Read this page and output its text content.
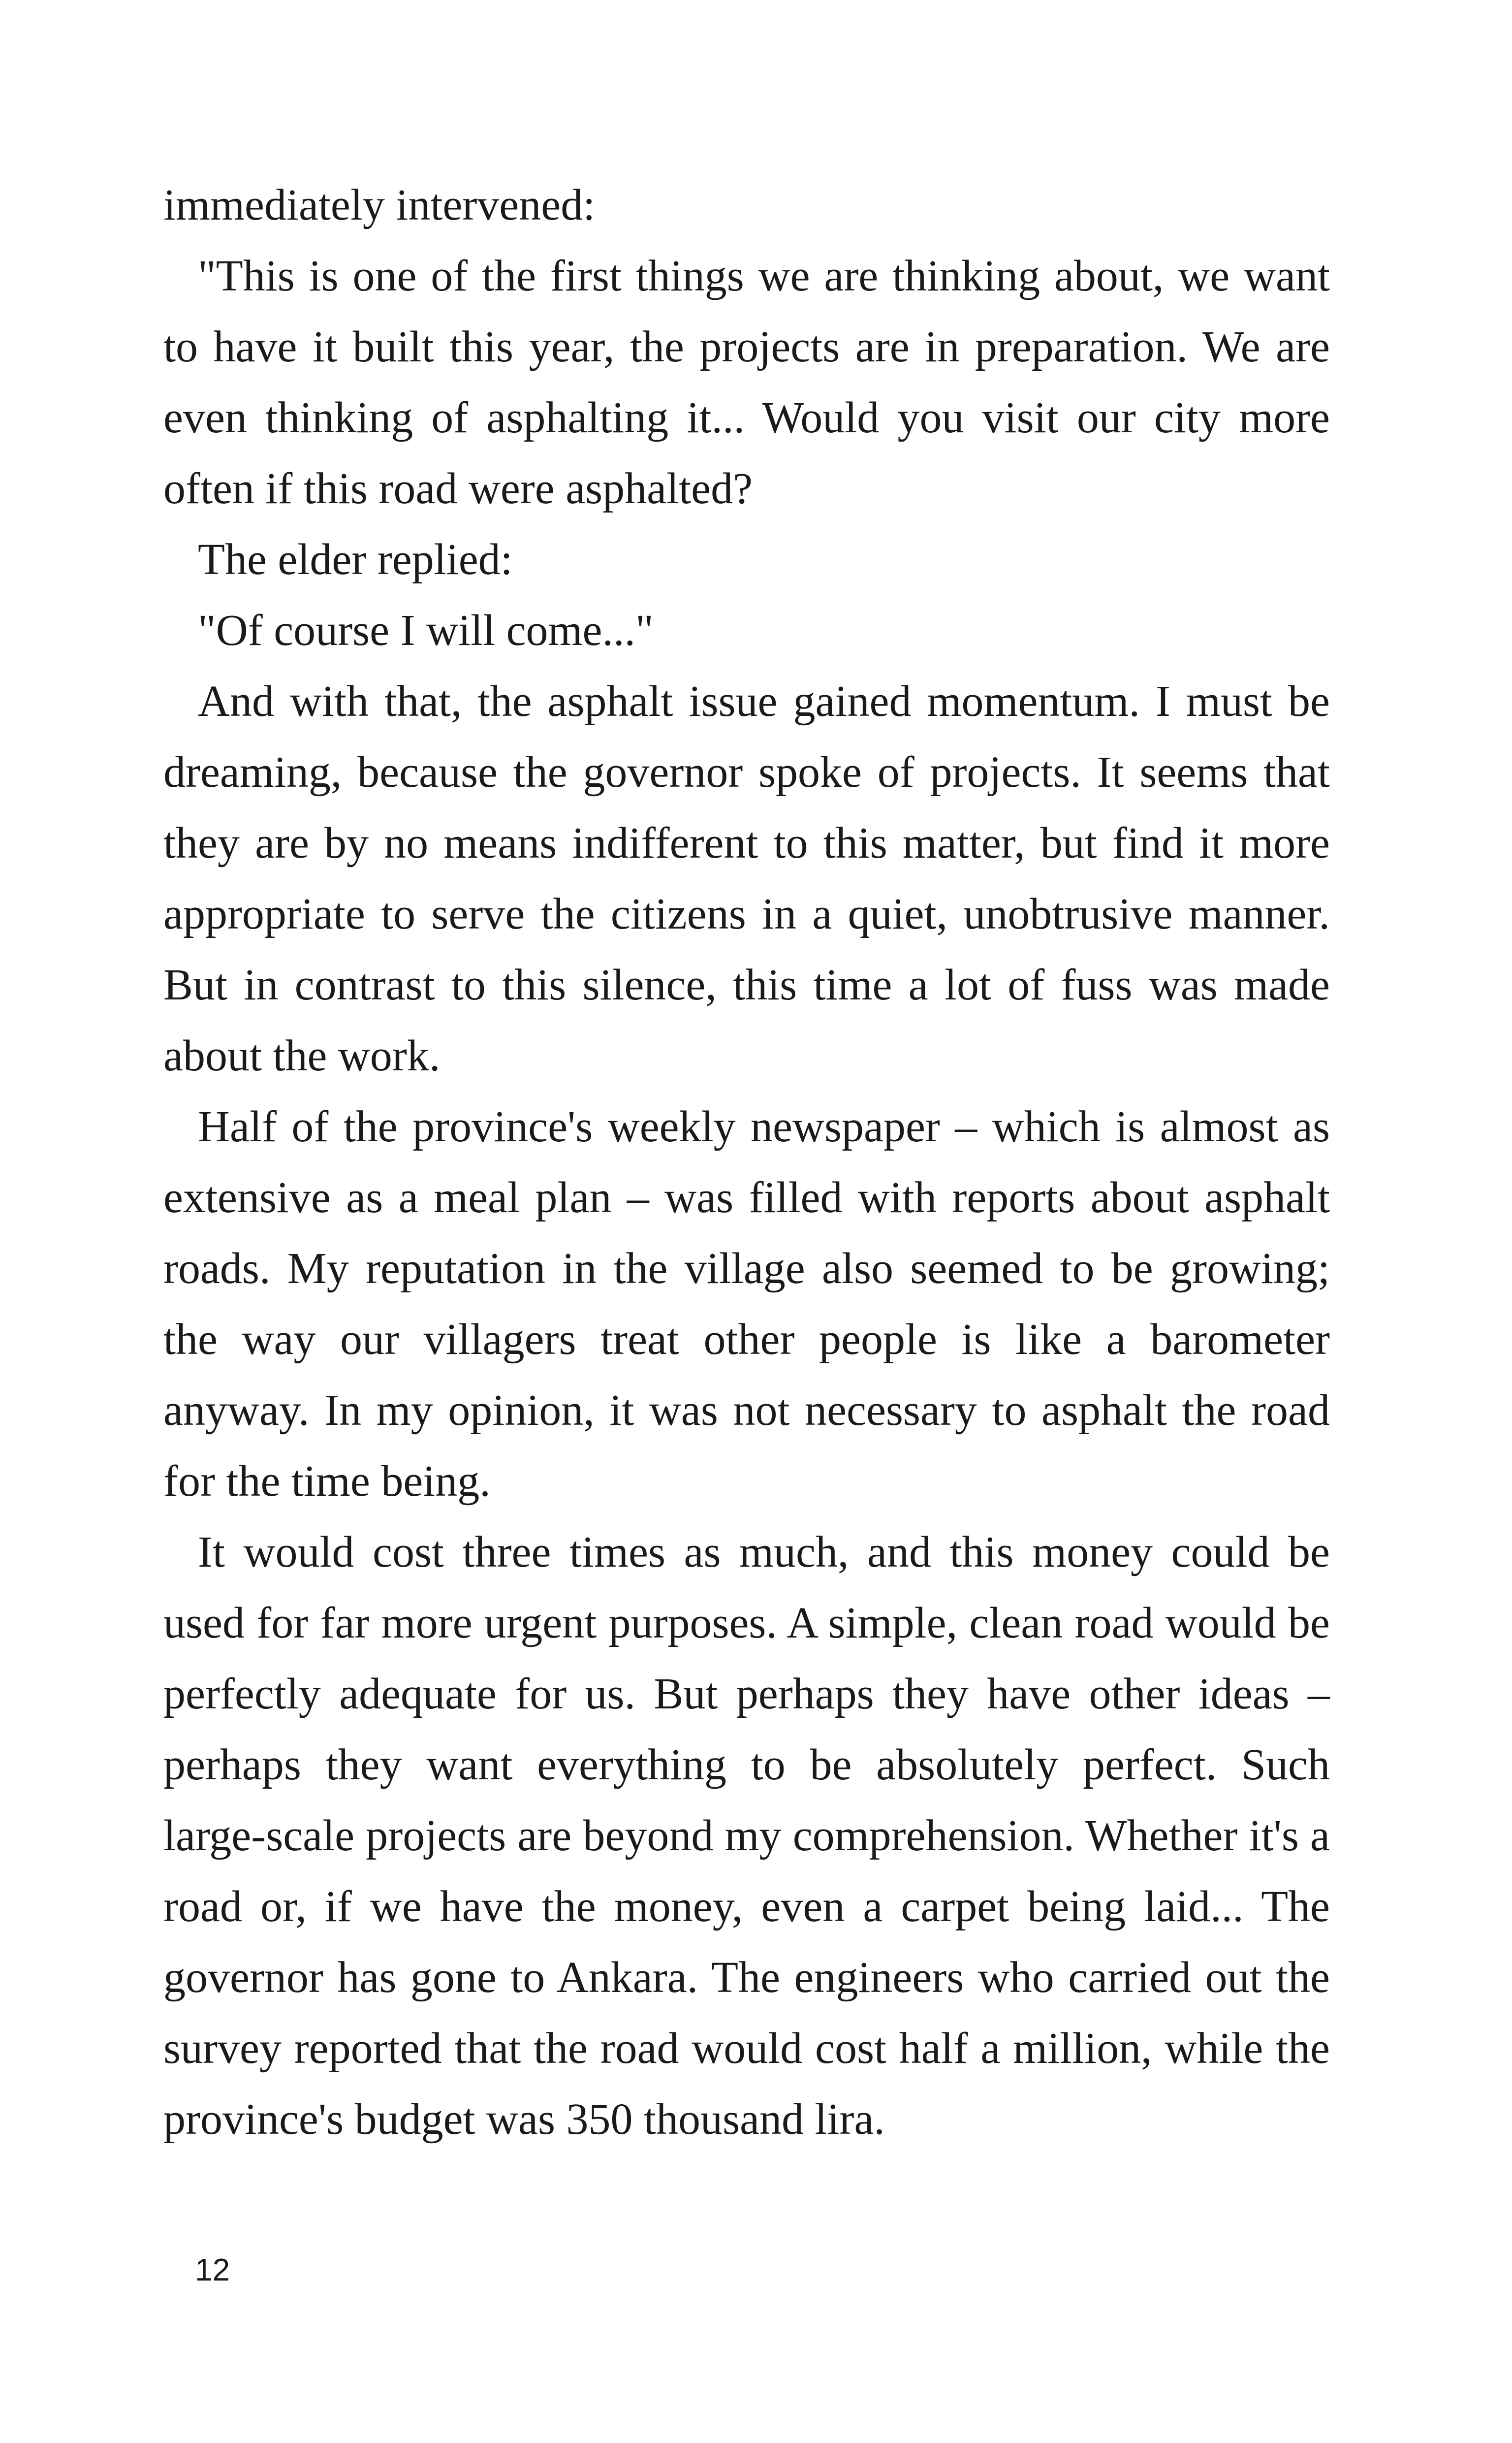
immediately intervened:

"This is one of the first things we are thinking about, we want to have it built this year, the projects are in preparation. We are even thinking of asphalting it... Would you visit our city more often if this road were asphalted?

The elder replied:

"Of course I will come..."

And with that, the asphalt issue gained momentum. I must be dreaming, because the governor spoke of projects. It seems that they are by no means indifferent to this matter, but find it more appropriate to serve the citizens in a quiet, unobtrusive manner. But in contrast to this silence, this time a lot of fuss was made about the work.

Half of the province's weekly newspaper – which is almost as extensive as a meal plan – was filled with reports about asphalt roads. My reputation in the village also seemed to be growing; the way our villagers treat other people is like a barometer anyway. In my opinion, it was not necessary to asphalt the road for the time being.

It would cost three times as much, and this money could be used for far more urgent purposes. A simple, clean road would be perfectly adequate for us. But perhaps they have other ideas – perhaps they want everything to be absolutely perfect. Such large-scale projects are beyond my comprehension. Whether it's a road or, if we have the money, even a carpet being laid... The governor has gone to Ankara. The engineers who carried out the survey reported that the road would cost half a million, while the province's budget was 350 thousand lira.

12
